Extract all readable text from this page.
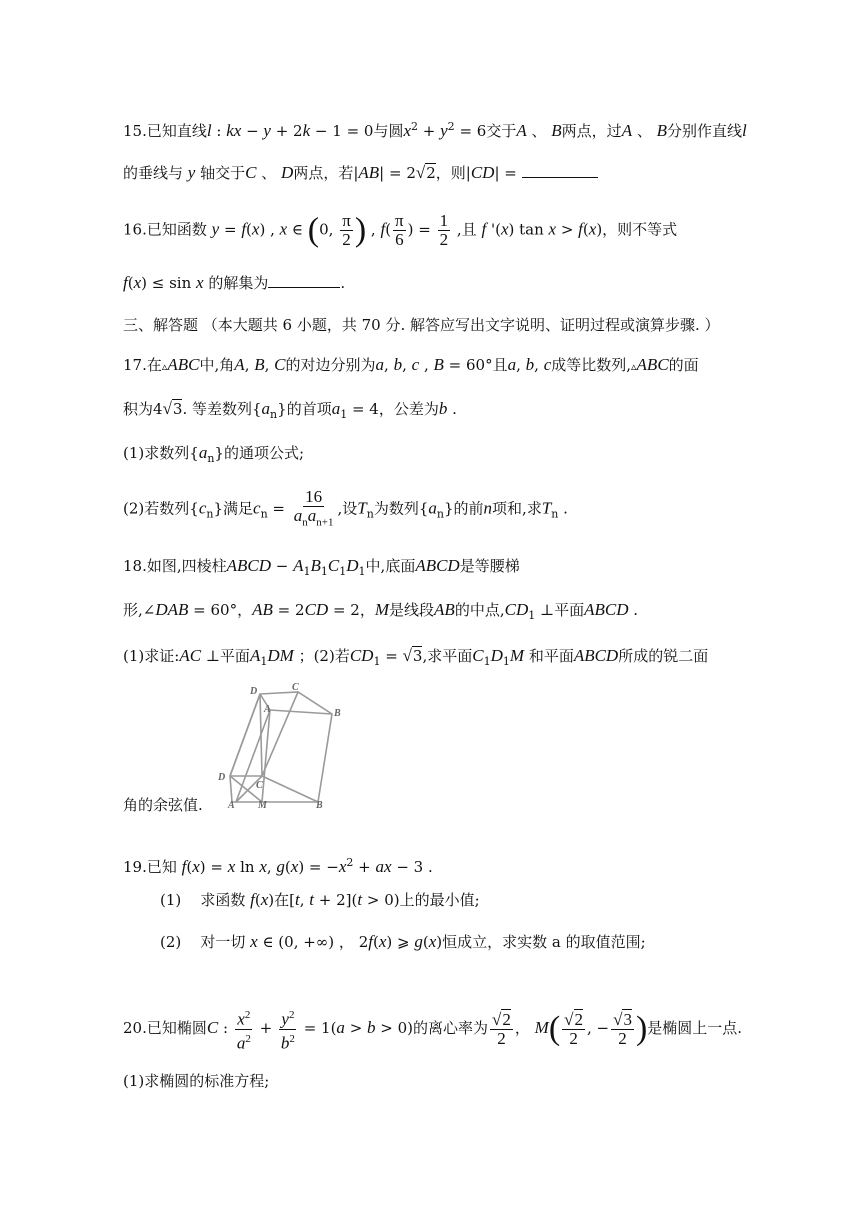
15.已知直线l : kx − y + 2k − 1 = 0与圆$x^2 + y^2 = 6$交于A 、 B两点，过A 、 B分别作直线l
的垂线与 y 轴交于C 、 D两点，若|AB| = 2√2，则|CD| =
16.已知函数 y = f(x) , x ∈ (0, $\frac{\pi}{2}$ ) , $f( \frac{\pi}{6}$ ) = $\frac{1}{2}$ ,且 f '(x) tan x > f(x)，则不等式
f(x) ≤ sin x 的解集为	.
三、解答题 （本大题共 6 小题，共 70 分. 解答应写出文字说明、证明过程或演算步骤. ）
17.在▵ABC中,角A, B, C的对边分别为a, b, c , B = 60°且a, b, c成等比数列,▵ABC的面
积为4√3. 等差数列$\{a_n\}$的首项$a_1 = 4$，公差为b .
(1)求数列$\{a_n\}$的通项公式;
(2)若数列$\{c_n\}$满足$c_n = \frac{16}{a_na_{n+1}}$ ,设$T_n$为数列$\{a_n\}$的前n项和,求$T_n$ .
18.如图,四棱柱ABCD − $A_1B_1C_1D_1$中,底面ABCD是等腰梯
形,∠DAB = 60°，AB = 2CD = 2，M是线段AB的中点$,CD_1$ ⊥平面ABCD .
(1)求证:AC ⊥平面$A_1DM$ ；(2)若$CD_1 = √3$,求平面$C_1D_1M$ 和平面ABCD所成的锐二面
D	C
A	B
D
C
A M	B
角的余弦值.
19.已知 f(x) = x ln x, $g(x) = -x^2$ + ax − 3 .
(1) 求函数 f(x)在[t, t + 2](t > 0)上的最小值;
(2) 对一切 x ∈ (0, +∞) ， 2f(x) ⩾ g(x)恒成立，求实数 a 的取值范围;
20.已知椭圆C : $\frac{x^2}{a^2} + \frac{y^2}{b^2} = 1(a > b > 0)$的离心率为 $\frac{√2}{2}$ ， $M( \frac{√2}{2}$ , − $\frac{√3}{2}$ )是椭圆上一点.
(1)求椭圆的标准方程;
